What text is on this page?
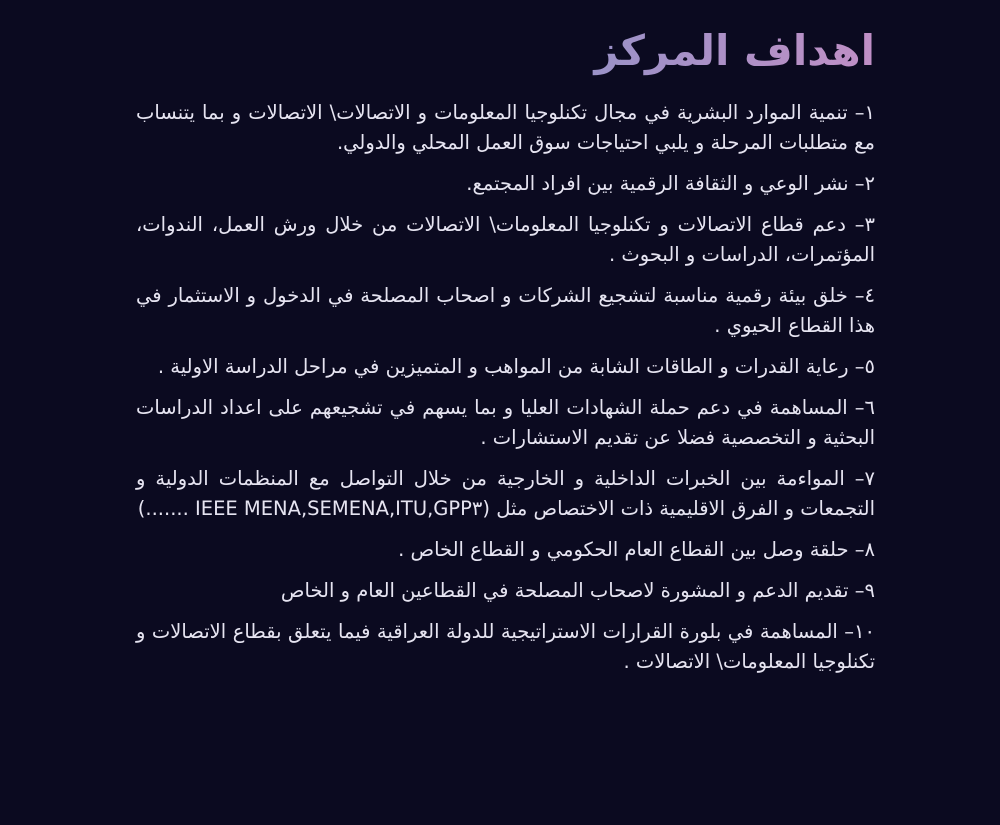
اهداف المركز
١– تنمية الموارد البشرية في مجال تكنلوجيا المعلومات و الاتصالات\ الاتصالات و بما يتنساب مع متطلبات المرحلة و يلبي احتياجات سوق العمل المحلي والدولي.
٢– نشر الوعي و الثقافة الرقمية بين افراد المجتمع.
٣– دعم قطاع الاتصالات و تكنلوجيا المعلومات\ الاتصالات من خلال ورش العمل، الندوات، المؤتمرات، الدراسات و البحوث .
٤– خلق بيئة رقمية مناسبة لتشجيع الشركات و اصحاب المصلحة في الدخول و الاستثمار في هذا القطاع الحيوي .
٥– رعاية القدرات و الطاقات الشابة من المواهب و المتميزين في مراحل الدراسة الاولية .
٦– المساهمة في دعم حملة الشهادات العليا و بما يسهم في تشجيعهم على اعداد الدراسات البحثية و التخصصية فضلا عن تقديم الاستشارات .
٧– المواءمة بين الخبرات الداخلية و الخارجية من خلال التواصل مع المنظمات الدولية و التجمعات و الفرق الاقليمية ذات الاختصاص مثل (IEEE MENA,SEMENA,ITU,GPP٣ .......)
٨– حلقة وصل بين القطاع العام الحكومي و القطاع الخاص .
٩– تقديم الدعم و المشورة لاصحاب المصلحة في القطاعين العام و الخاص
١٠– المساهمة في بلورة القرارات الاستراتيجية للدولة العراقية فيما يتعلق بقطاع الاتصالات و تكنلوجيا المعلومات\ الاتصالات .
